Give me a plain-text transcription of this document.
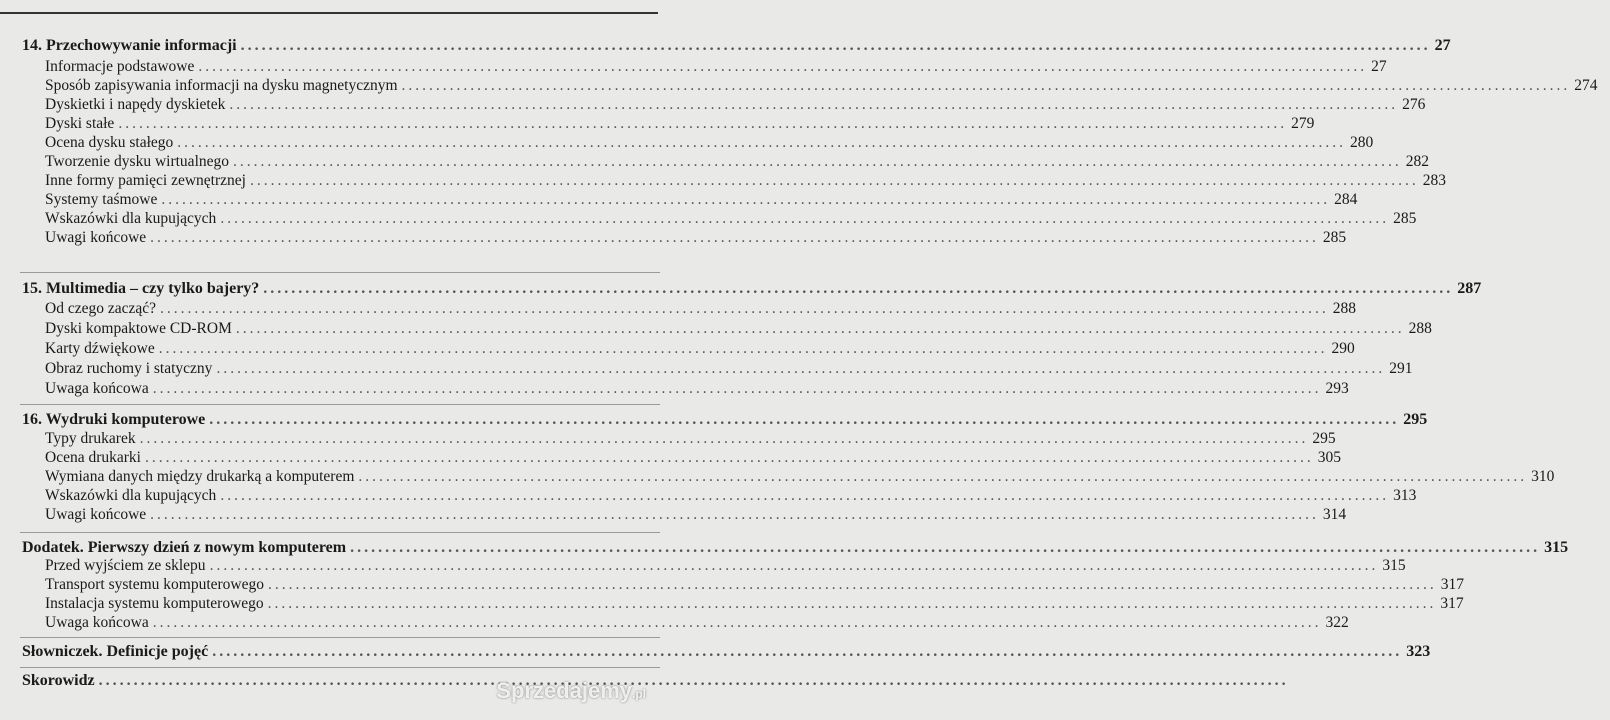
14. Przechowywanie informacji .....	27
Informacje podstawowe .....	27
Sposób zapisywania informacji na dysku magnetycznym .....	274
Dyskietki i napędy dyskietek .....	276
Dyski stałe .....	279
Ocena dysku stałego .....	280
Tworzenie dysku wirtualnego .....	282
Inne formy pamięci zewnętrznej .....	283
Systemy taśmowe .....	284
Wskazówki dla kupujących .....	285
Uwagi końcowe .....	285
15. Multimedia – czy tylko bajery? .....	287
Od czego zacząć? .....	288
Dyski kompaktowe CD-ROM .....	288
Karty dźwiękowe .....	290
Obraz ruchomy i statyczny .....	291
Uwaga końcowa .....	293
16. Wydruki komputerowe .....	295
Typy drukarek .....	295
Ocena drukarki .....	305
Wymiana danych między drukarką a komputerem .....	310
Wskazówki dla kupujących .....	313
Uwagi końcowe .....	314
Dodatek. Pierwszy dzień z nowym komputerem .....	315
Przed wyjściem ze sklepu .....	315
Transport systemu komputerowego .....	317
Instalacja systemu komputerowego .....	317
Uwaga końcowa .....	322
Słowniczek. Definicje pojęć .....	323
Skorowidz .....	Sprzedajemy.pl
